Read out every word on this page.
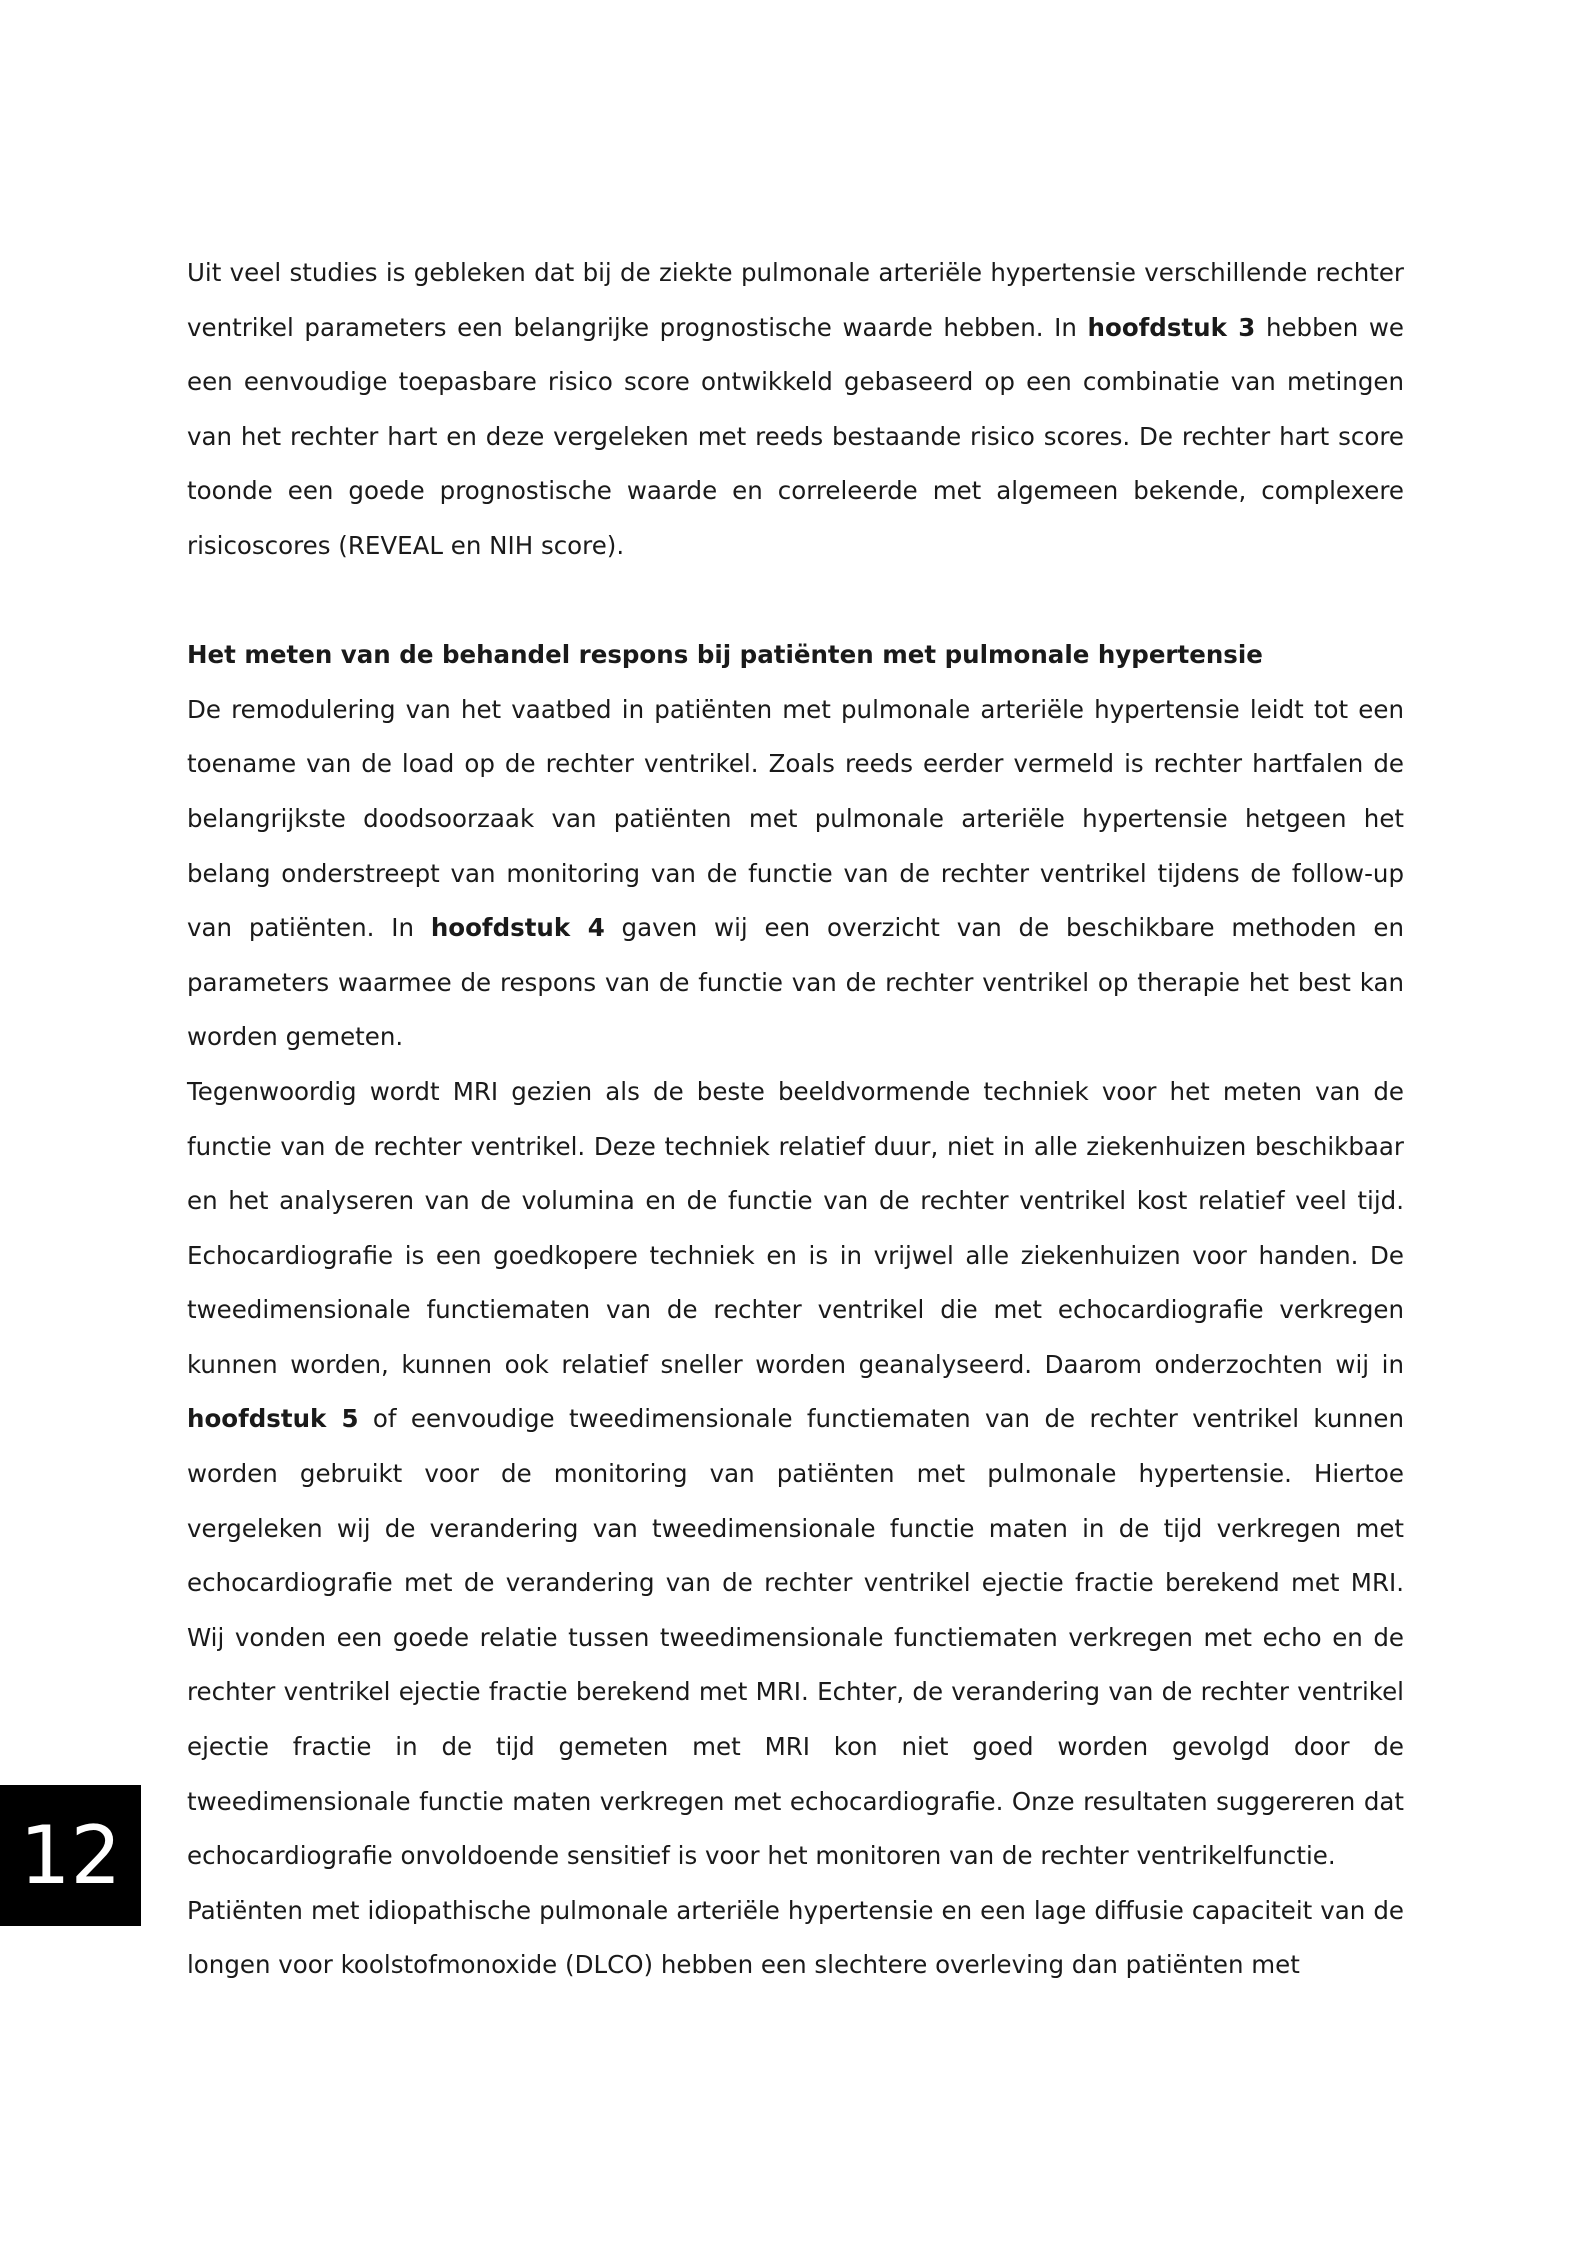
Uit veel studies is gebleken dat bij de ziekte pulmonale arteriële hypertensie verschillende rechter ventrikel parameters een belangrijke prognostische waarde hebben. In hoofdstuk 3 hebben we een eenvoudige toepasbare risico score ontwikkeld gebaseerd op een combinatie van metingen van het rechter hart en deze vergeleken met reeds bestaande risico scores. De rechter hart score toonde een goede prognostische waarde en correleerde met algemeen bekende, complexere risicoscores (REVEAL en NIH score).

Het meten van de behandel respons bij patiënten met pulmonale hypertensie

De remodulering van het vaatbed in patiënten met pulmonale arteriële hypertensie leidt tot een toename van de load op de rechter ventrikel. Zoals reeds eerder vermeld is rechter hartfalen de belangrijkste doodsoorzaak van patiënten met pulmonale arteriële hypertensie hetgeen het belang onderstreept van monitoring van de functie van de rechter ventrikel tijdens de follow-up van patiënten. In hoofdstuk 4 gaven wij een overzicht van de beschikbare methoden en parameters waarmee de respons van de functie van de rechter ventrikel op therapie het best kan worden gemeten.

Tegenwoordig wordt MRI gezien als de beste beeldvormende techniek voor het meten van de functie van de rechter ventrikel. Deze techniek relatief duur, niet in alle ziekenhuizen beschikbaar en het analyseren van de volumina en de functie van de rechter ventrikel kost relatief veel tijd. Echocardiografie is een goedkopere techniek en is in vrijwel alle ziekenhuizen voor handen. De tweedimensionale functiematen van de rechter ventrikel die met echocardiografie verkregen kunnen worden, kunnen ook relatief sneller worden geanalyseerd. Daarom onderzochten wij in hoofdstuk 5 of eenvoudige tweedimensionale functiematen van de rechter ventrikel kunnen worden gebruikt voor de monitoring van patiënten met pulmonale hypertensie. Hiertoe vergeleken wij de verandering van tweedimensionale functie maten in de tijd verkregen met echocardiografie met de verandering van de rechter ventrikel ejectie fractie berekend met MRI. Wij vonden een goede relatie tussen tweedimensionale functiematen verkregen met echo en de rechter ventrikel ejectie fractie berekend met MRI. Echter, de verandering van de rechter ventrikel ejectie fractie in de tijd gemeten met MRI kon niet goed worden gevolgd door de tweedimensionale functie maten verkregen met echocardiografie. Onze resultaten suggereren dat echocardiografie onvoldoende sensitief is voor het monitoren van de rechter ventrikelfunctie.

Patiënten met idiopathische pulmonale arteriële hypertensie en een lage diffusie capaciteit van de longen voor koolstofmonoxide (DLCO) hebben een slechtere overleving dan patiënten met

12
